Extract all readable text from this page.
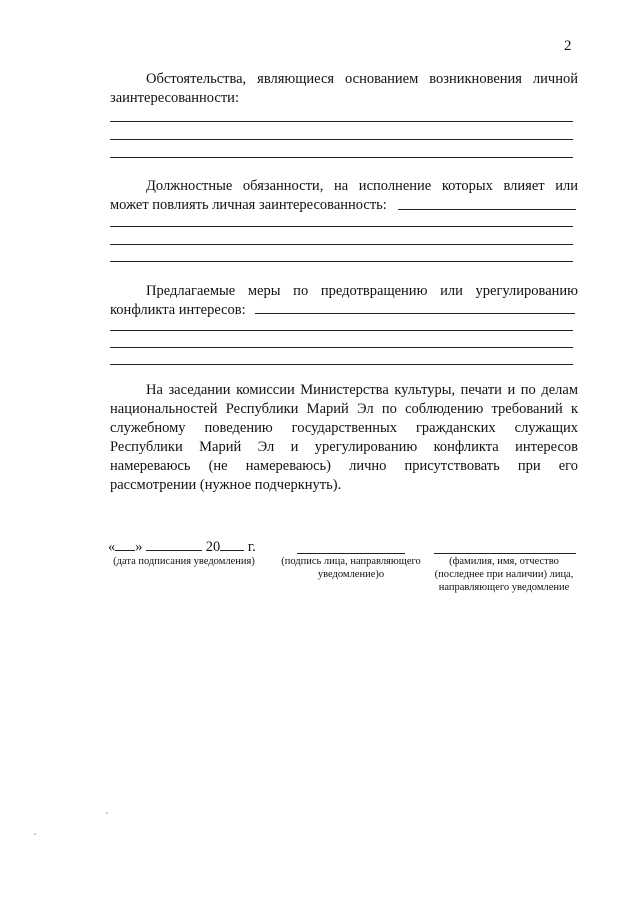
2
Обстоятельства, являющиеся основанием возникновения личной заинтересованности:
Должностные обязанности, на исполнение которых влияет или может повлиять личная заинтересованность:
Предлагаемые меры по предотвращению или урегулированию конфликта интересов:
На заседании комиссии Министерства культуры, печати и по делам национальностей Республики Марий Эл по соблюдению требований к служебному поведению государственных гражданских служащих Республики Марий Эл и урегулированию конфликта интересов намереваюсь (не намереваюсь) лично присутствовать при его рассмотрении (нужное подчеркнуть).
« »	20 г.
(дата подписания уведомления)	(подпись лица, направляющего
уведомление)о
(фамилия, имя, отчество
(последнее при наличии) лица,
направляющего уведомление
